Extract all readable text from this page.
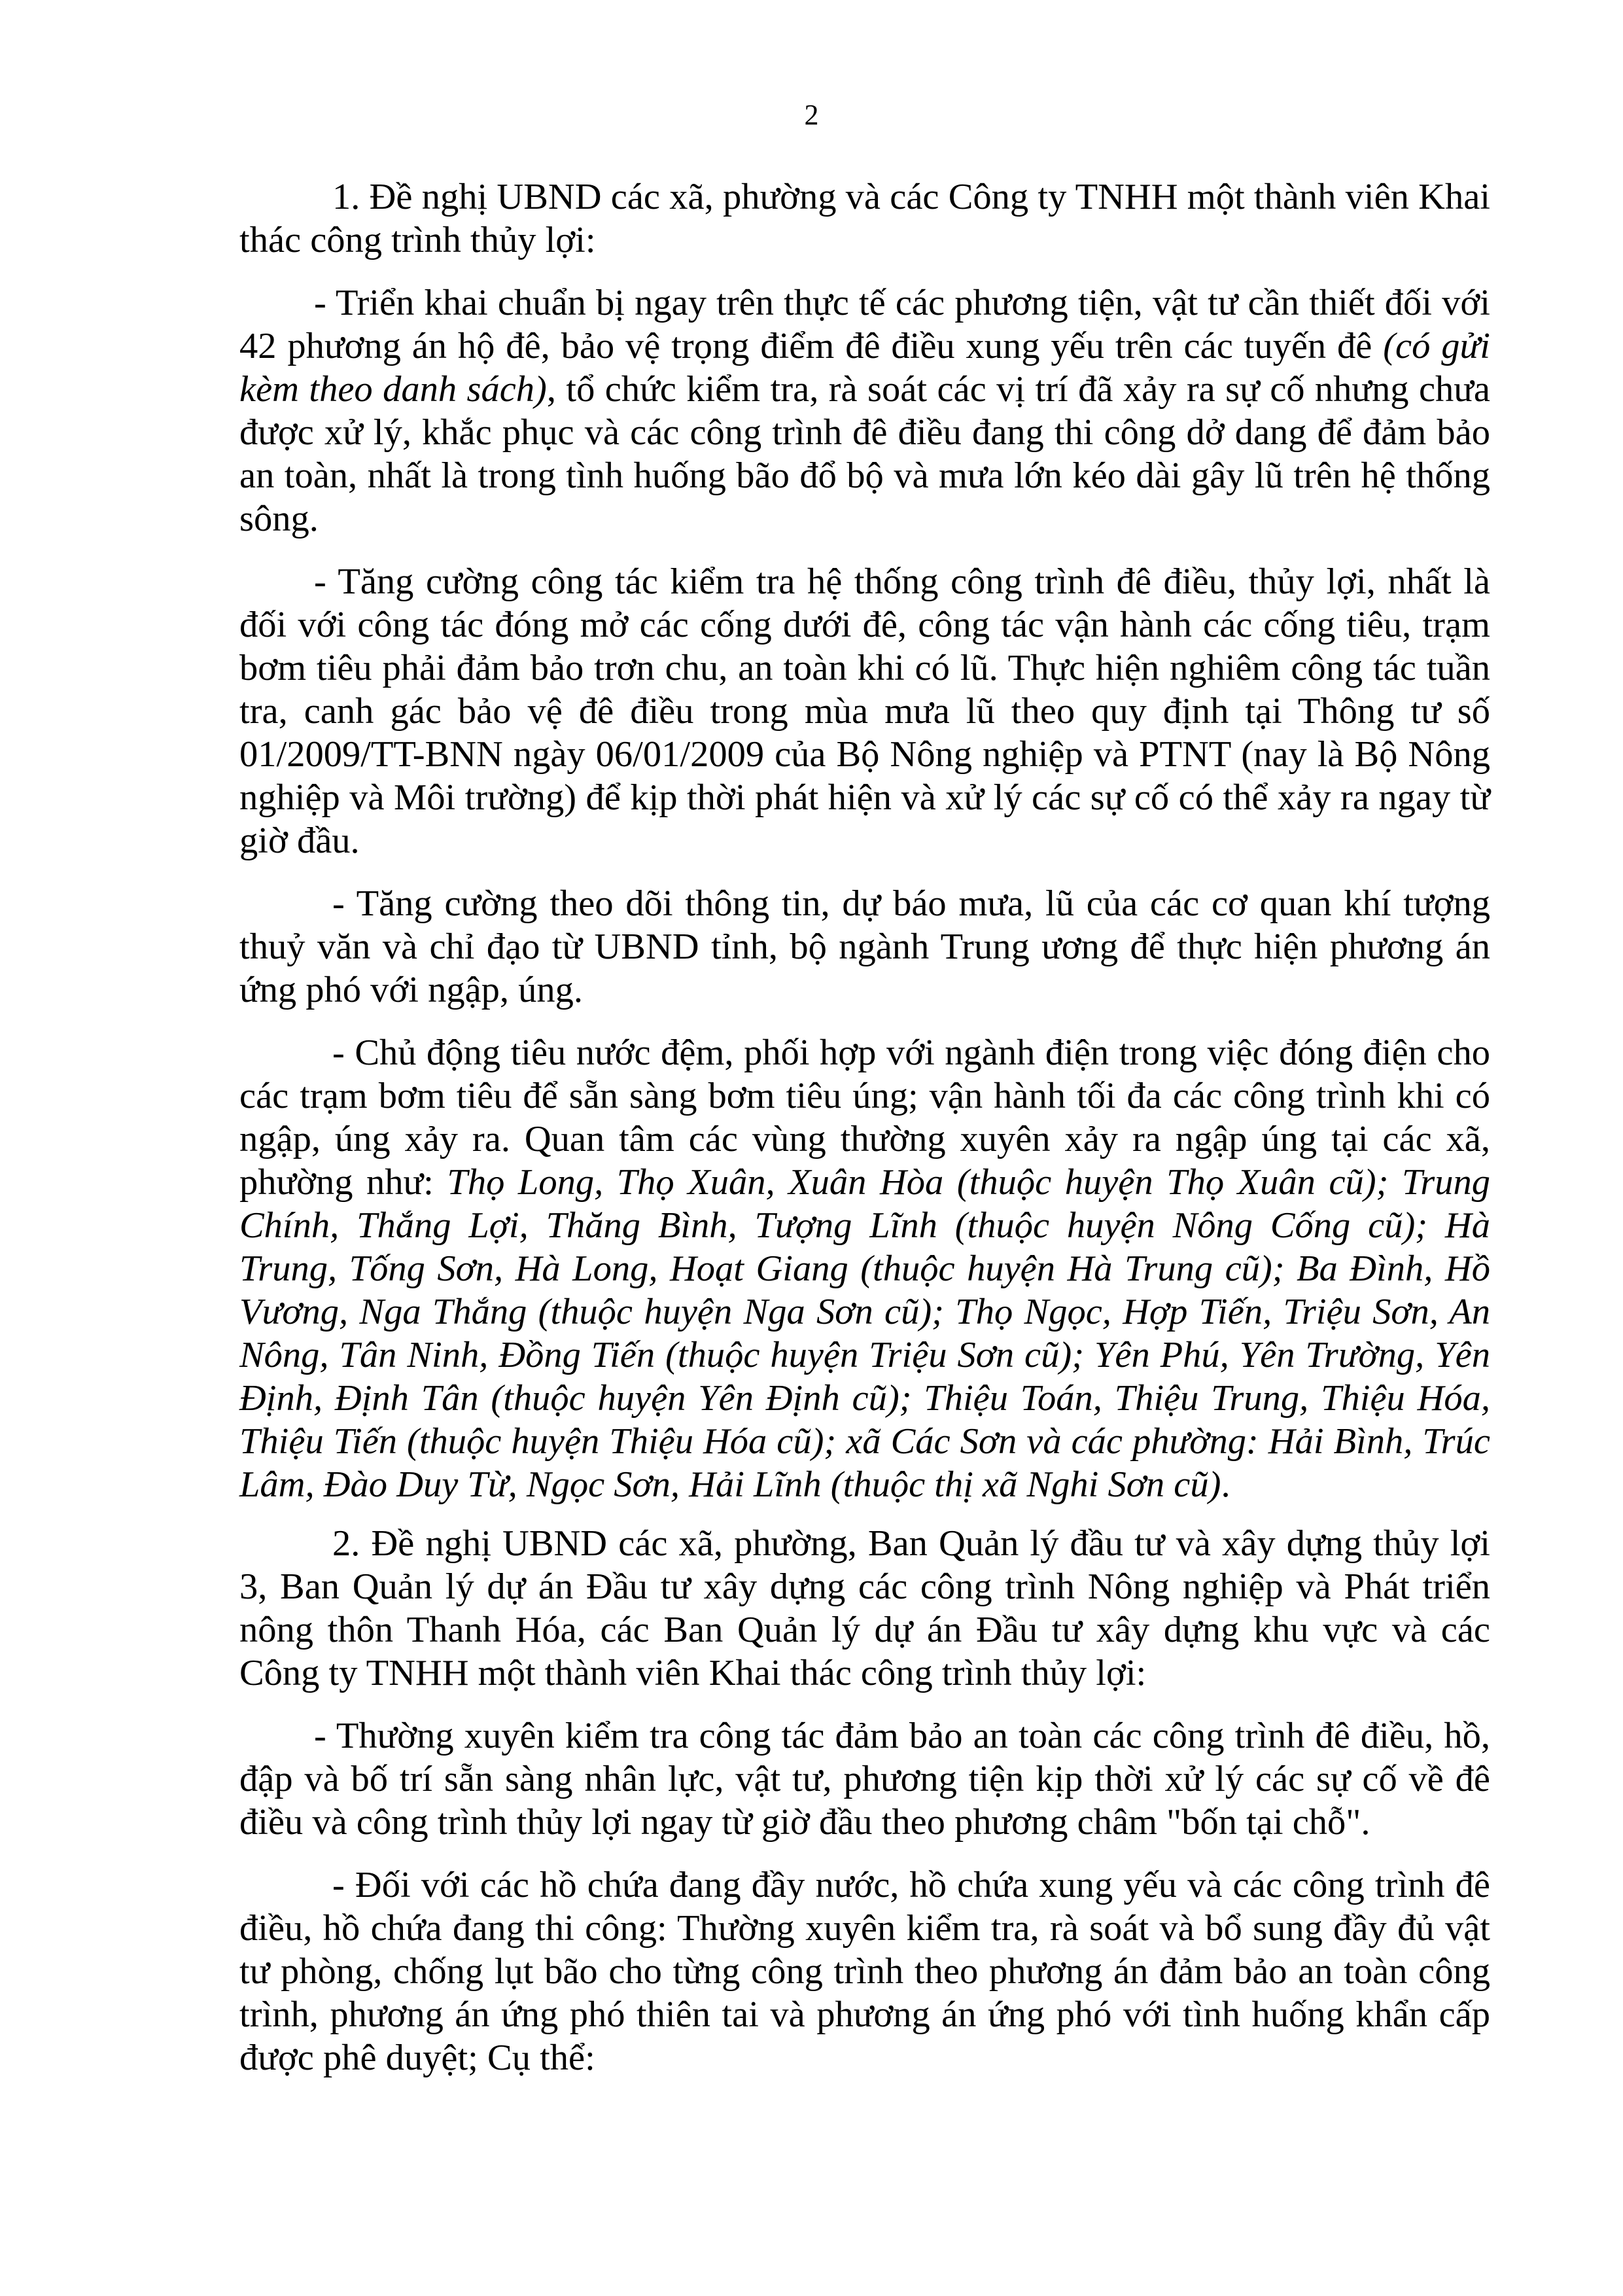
2

1. Đề nghị UBND các xã, phường và các Công ty TNHH một thành viên Khai thác công trình thủy lợi:

- Triển khai chuẩn bị ngay trên thực tế các phương tiện, vật tư cần thiết đối với 42 phương án hộ đê, bảo vệ trọng điểm đê điều xung yếu trên các tuyến đê (có gửi kèm theo danh sách), tổ chức kiểm tra, rà soát các vị trí đã xảy ra sự cố nhưng chưa được xử lý, khắc phục và các công trình đê điều đang thi công dở dang để đảm bảo an toàn, nhất là trong tình huống bão đổ bộ và mưa lớn kéo dài gây lũ trên hệ thống sông.

- Tăng cường công tác kiểm tra hệ thống công trình đê điều, thủy lợi, nhất là đối với công tác đóng mở các cống dưới đê, công tác vận hành các cống tiêu, trạm bơm tiêu phải đảm bảo trơn chu, an toàn khi có lũ. Thực hiện nghiêm công tác tuần tra, canh gác bảo vệ đê điều trong mùa mưa lũ theo quy định tại Thông tư số 01/2009/TT-BNN ngày 06/01/2009 của Bộ Nông nghiệp và PTNT (nay là Bộ Nông nghiệp và Môi trường) để kịp thời phát hiện và xử lý các sự cố có thể xảy ra ngay từ giờ đầu.

- Tăng cường theo dõi thông tin, dự báo mưa, lũ của các cơ quan khí tượng thuỷ văn và chỉ đạo từ UBND tỉnh, bộ ngành Trung ương để thực hiện phương án ứng phó với ngập, úng.

- Chủ động tiêu nước đệm, phối hợp với ngành điện trong việc đóng điện cho các trạm bơm tiêu để sẵn sàng bơm tiêu úng; vận hành tối đa các công trình khi có ngập, úng xảy ra. Quan tâm các vùng thường xuyên xảy ra ngập úng tại các xã, phường như: Thọ Long, Thọ Xuân, Xuân Hòa (thuộc huyện Thọ Xuân cũ); Trung Chính, Thắng Lợi, Thăng Bình, Tượng Lĩnh (thuộc huyện Nông Cống cũ); Hà Trung, Tống Sơn, Hà Long, Hoạt Giang (thuộc huyện Hà Trung cũ); Ba Đình, Hồ Vương, Nga Thắng (thuộc huyện Nga Sơn cũ); Thọ Ngọc, Hợp Tiến, Triệu Sơn, An Nông, Tân Ninh, Đồng Tiến (thuộc huyện Triệu Sơn cũ); Yên Phú, Yên Trường, Yên Định, Định Tân (thuộc huyện Yên Định cũ); Thiệu Toán, Thiệu Trung, Thiệu Hóa, Thiệu Tiến (thuộc huyện Thiệu Hóa cũ); xã Các Sơn và các phường: Hải Bình, Trúc Lâm, Đào Duy Từ, Ngọc Sơn, Hải Lĩnh (thuộc thị xã Nghi Sơn cũ).

2. Đề nghị UBND các xã, phường, Ban Quản lý đầu tư và xây dựng thủy lợi 3, Ban Quản lý dự án Đầu tư xây dựng các công trình Nông nghiệp và Phát triển nông thôn Thanh Hóa, các Ban Quản lý dự án Đầu tư xây dựng khu vực và các Công ty TNHH một thành viên Khai thác công trình thủy lợi:

- Thường xuyên kiểm tra công tác đảm bảo an toàn các công trình đê điều, hồ, đập và bố trí sẵn sàng nhân lực, vật tư, phương tiện kịp thời xử lý các sự cố về đê điều và công trình thủy lợi ngay từ giờ đầu theo phương châm "bốn tại chỗ".

- Đối với các hồ chứa đang đầy nước, hồ chứa xung yếu và các công trình đê điều, hồ chứa đang thi công: Thường xuyên kiểm tra, rà soát và bổ sung đầy đủ vật tư phòng, chống lụt bão cho từng công trình theo phương án đảm bảo an toàn công trình, phương án ứng phó thiên tai và phương án ứng phó với tình huống khẩn cấp được phê duyệt; Cụ thể:
